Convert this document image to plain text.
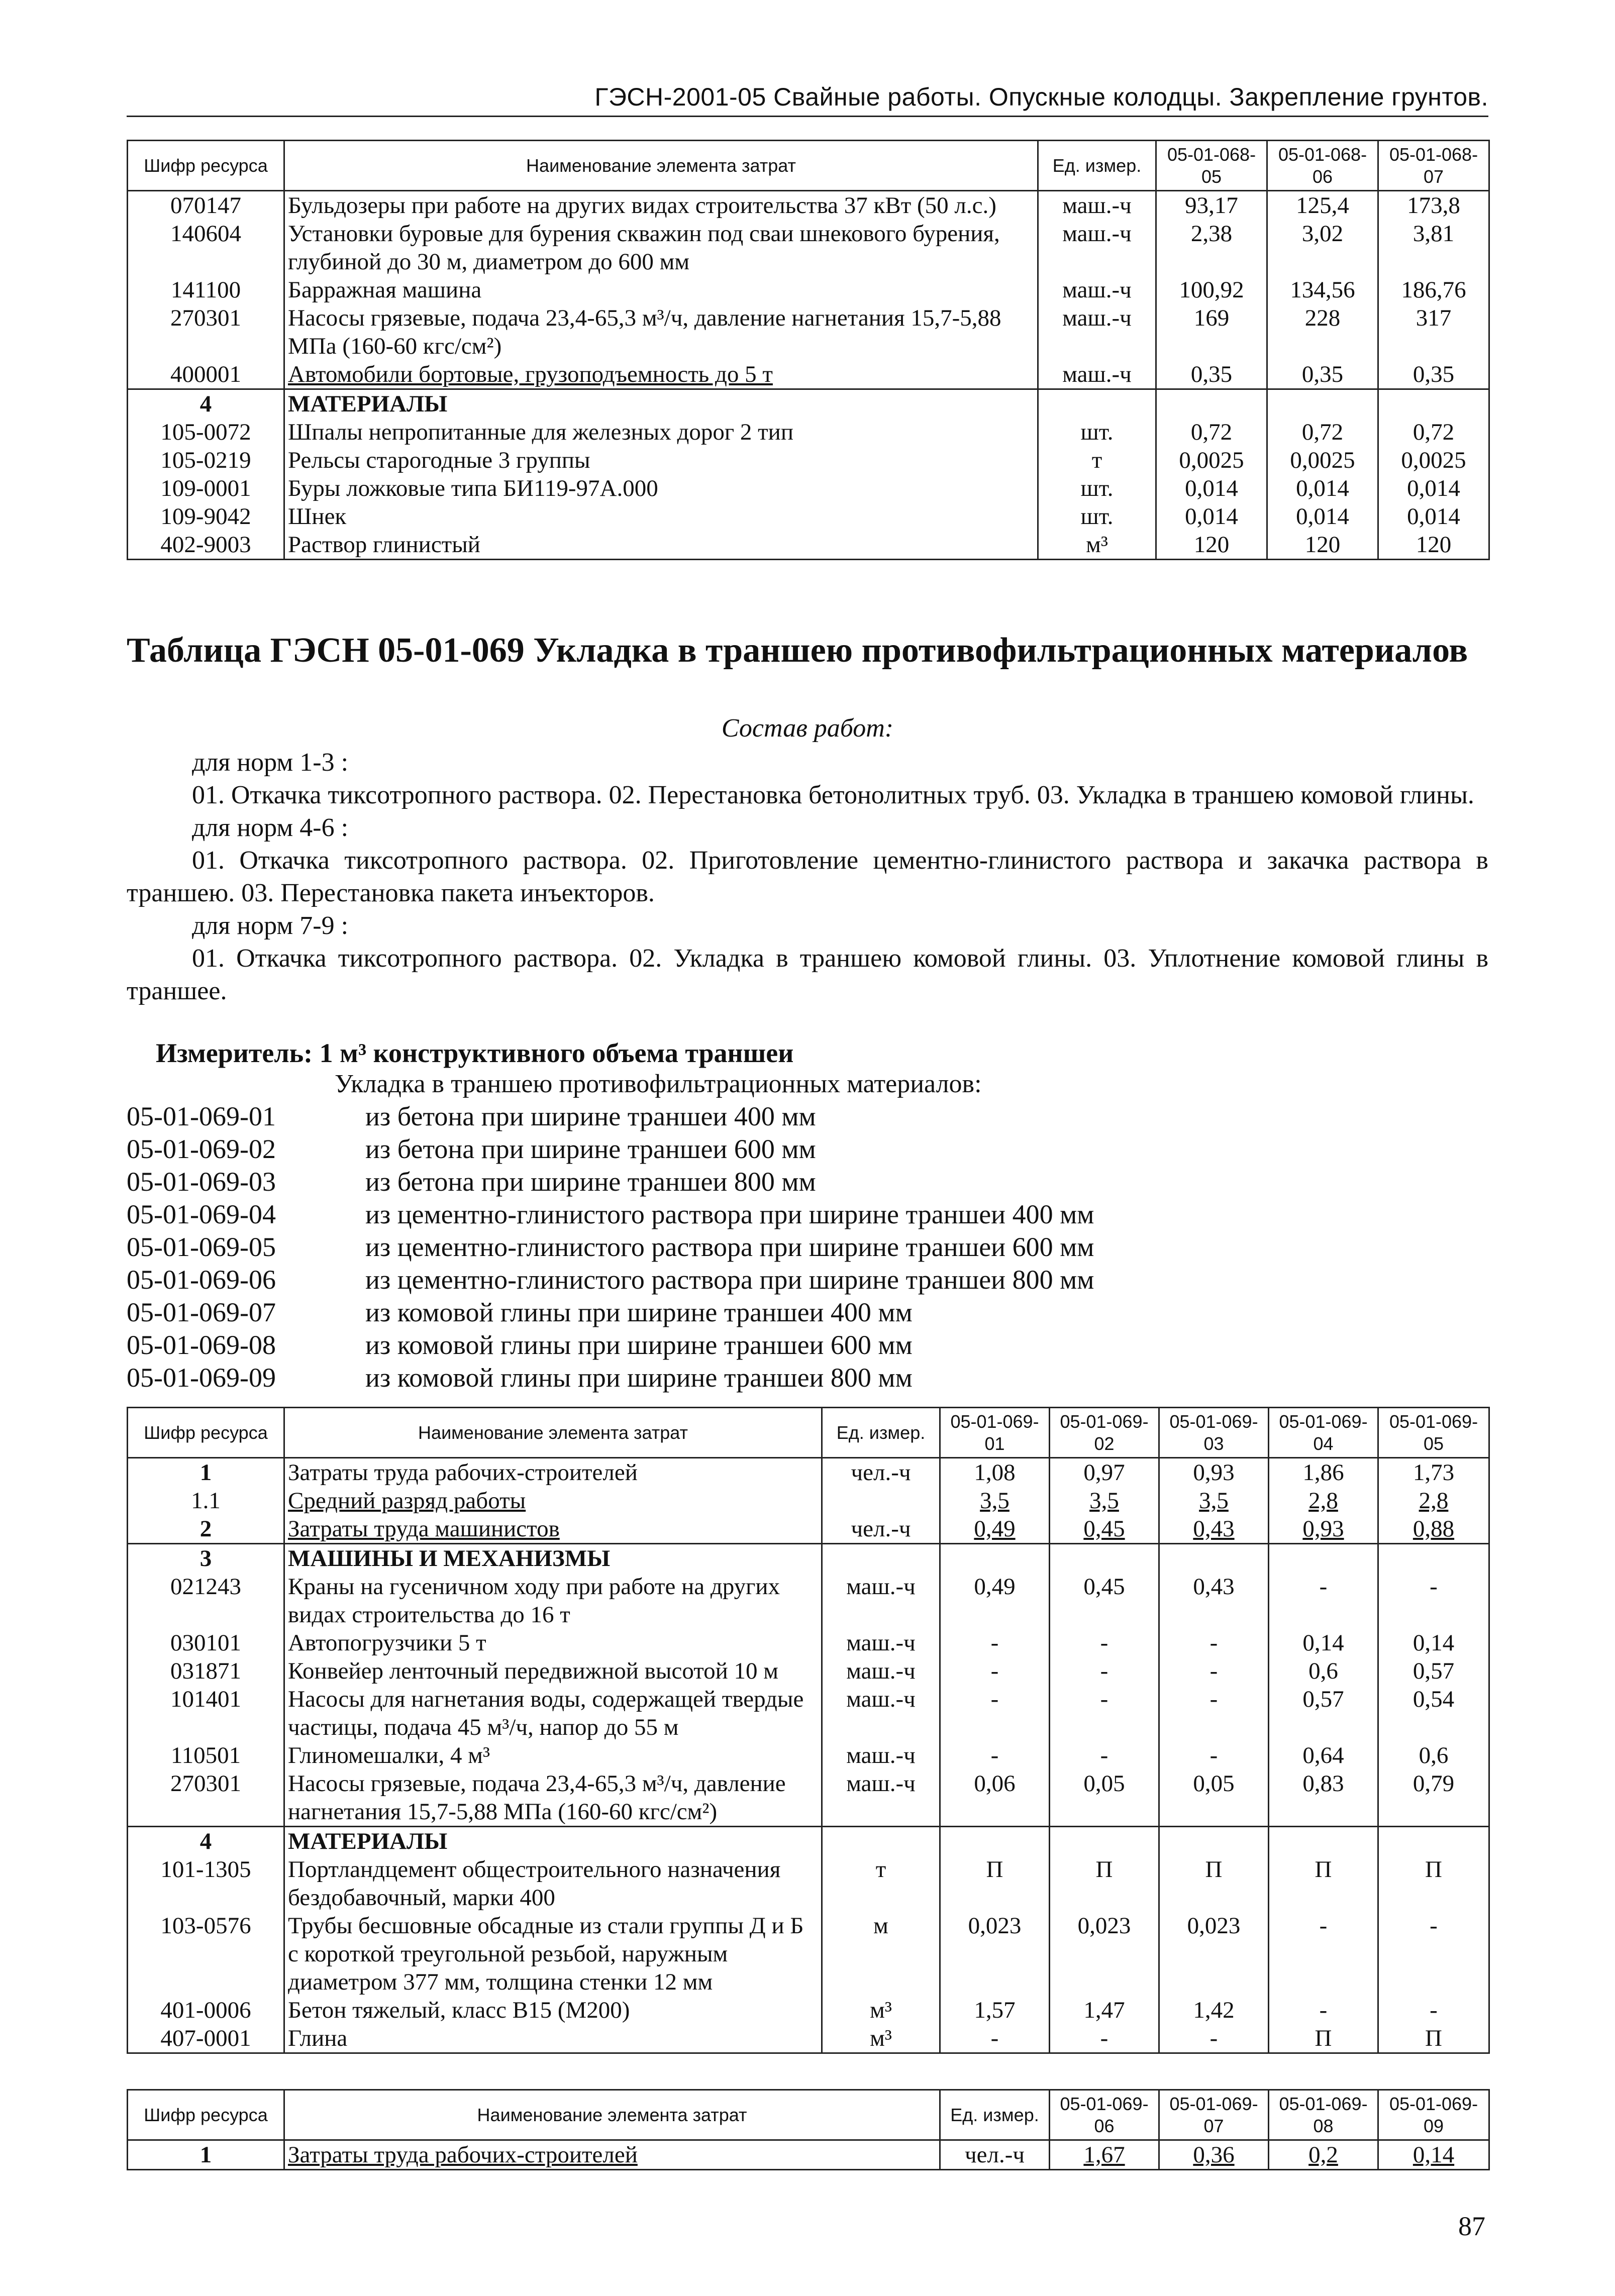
ГЭСН-2001-05 Свайные работы. Опускные колодцы. Закрепление грунтов.
Шифр ресурса	Наименование элемента затрат	Ед. измер.	05-01-068-05	05-01-068-06	05-01-068-07
070147	Бульдозеры при работе на других видах строительства 37 кВт (50 л.с.)	маш.-ч	93,17	125,4	173,8
140604	Установки буровые для бурения скважин под сваи шнекового бурения, глубиной до 30 м, диаметром до 600 мм	маш.-ч	2,38	3,02	3,81
141100	Барражная машина	маш.-ч	100,92	134,56	186,76
270301	Насосы грязевые, подача 23,4-65,3 м³/ч, давление нагнетания 15,7-5,88 МПа (160-60 кгс/см²)	маш.-ч	169	228	317
400001	Автомобили бортовые, грузоподъемность до 5 т	маш.-ч	0,35	0,35	0,35
4	МАТЕРИАЛЫ				
105-0072	Шпалы непропитанные для железных дорог 2 тип	шт.	0,72	0,72	0,72
105-0219	Рельсы старогодные 3 группы	т	0,0025	0,0025	0,0025
109-0001	Буры ложковые типа БИ119-97А.000	шт.	0,014	0,014	0,014
109-9042	Шнек	шт.	0,014	0,014	0,014
402-9003	Раствор глинистый	м³	120	120	120
Таблица ГЭСН 05-01-069 Укладка в траншею противофильтрационных материалов
Состав работ:
для норм 1-3 :
01. Откачка тиксотропного раствора. 02. Перестановка бетонолитных труб. 03. Укладка в траншею комовой глины.
для норм 4-6 :
01. Откачка тиксотропного раствора. 02. Приготовление цементно-глинистого раствора и закачка раствора в траншею. 03. Перестановка пакета инъекторов.
для норм 7-9 :
01. Откачка тиксотропного раствора. 02. Укладка в траншею комовой глины. 03. Уплотнение комовой глины в траншее.
Измеритель: 1 м³ конструктивного объема траншеи
Укладка в траншею противофильтрационных материалов:
05-01-069-01	из бетона при ширине траншеи 400 мм
05-01-069-02	из бетона при ширине траншеи 600 мм
05-01-069-03	из бетона при ширине траншеи 800 мм
05-01-069-04	из цементно-глинистого раствора при ширине траншеи 400 мм
05-01-069-05	из цементно-глинистого раствора при ширине траншеи 600 мм
05-01-069-06	из цементно-глинистого раствора при ширине траншеи 800 мм
05-01-069-07	из комовой глины при ширине траншеи 400 мм
05-01-069-08	из комовой глины при ширине траншеи 600 мм
05-01-069-09	из комовой глины при ширине траншеи 800 мм
Шифр ресурса	Наименование элемента затрат	Ед. измер.	05-01-069-01	05-01-069-02	05-01-069-03	05-01-069-04	05-01-069-05
1	Затраты труда рабочих-строителей	чел.-ч	1,08	0,97	0,93	1,86	1,73
1.1	Средний разряд работы		3,5	3,5	3,5	2,8	2,8
2	Затраты труда машинистов	чел.-ч	0,49	0,45	0,43	0,93	0,88
3	МАШИНЫ И МЕХАНИЗМЫ						
021243	Краны на гусеничном ходу при работе на других видах строительства до 16 т	маш.-ч	0,49	0,45	0,43	-	-
030101	Автопогрузчики 5 т	маш.-ч	-	-	-	0,14	0,14
031871	Конвейер ленточный передвижной высотой 10 м	маш.-ч	-	-	-	0,6	0,57
101401	Насосы для нагнетания воды, содержащей твердые частицы, подача 45 м³/ч, напор до 55 м	маш.-ч	-	-	-	0,57	0,54
110501	Глиномешалки, 4 м³	маш.-ч	-	-	-	0,64	0,6
270301	Насосы грязевые, подача 23,4-65,3 м³/ч, давление нагнетания 15,7-5,88 МПа (160-60 кгс/см²)	маш.-ч	0,06	0,05	0,05	0,83	0,79
4	МАТЕРИАЛЫ						
101-1305	Портландцемент общестроительного назначения бездобавочный, марки 400	т	П	П	П	П	П
103-0576	Трубы бесшовные обсадные из стали группы Д и Б с короткой треугольной резьбой, наружным диаметром 377 мм, толщина стенки 12 мм	м	0,023	0,023	0,023	-	-
401-0006	Бетон тяжелый, класс В15 (М200)	м³	1,57	1,47	1,42	-	-
407-0001	Глина	м³	-	-	-	П	П
Шифр ресурса	Наименование элемента затрат	Ед. измер.	05-01-069-06	05-01-069-07	05-01-069-08	05-01-069-09
1	Затраты труда рабочих-строителей	чел.-ч	1,67	0,36	0,2	0,14
87
